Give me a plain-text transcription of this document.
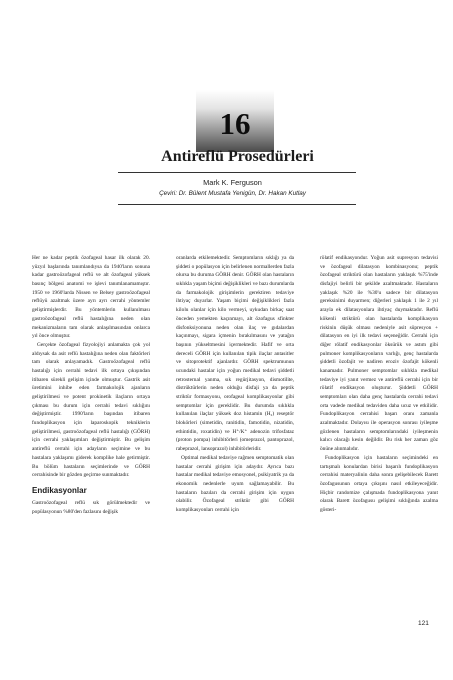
16
Antireflü Prosedürleri
Mark K. Ferguson
Çeviri: Dr. Bülent Mustafa Yenigün, Dr. Hakan Kutlay

Her ne kadar peptik özofageal hasar ilk olarak 20. yüzyıl başlarında tanımlandıysa da 1940'ların sonuna kadar gastroözofageal reflü ve alt özofageal yüksek basınç bölgesi anatomi ve işlevi tanımlanamamıştır. 1950 ve 1960'larda Nissen ve Belsey gastroözofageal reflüyü azaltmak üzere ayrı ayrı cerrahi yöntemler geliştirmişlerdir. Bu yöntemlerin kullanılması gastroözofageal reflü hastalığına neden olan mekanizmaların tam olarak anlaşılmasından onlarca yıl önce olmuştur.

Gerçekte özofageal fizyolojiyi anlamakta çok yol aldıysak da asit reflü hastalığına neden olan faktörleri tam olarak anlayamadık. Gastroözofageal reflü hastalığı için cerrahi tedavi ilk ortaya çıkışından itibaren sürekli gelişim içinde olmuştur. Gastrik asit üretimini inhibe eden farmakolojik ajanların geliştirilmesi ve potent prokinetik ilaçların ortaya çıkması bu durum için cerrahi tedavi sıklığını değiştirmiştir. 1990'ların başından itibaren fundoplikasyon için laparoskopik tekniklerin geliştirilmesi, gastroözofageal reflü hastalığı (GÖRH) için cerrahi yaklaşımları değiştirmiştir. Bu gelişim antireflü cerrahi için adayların seçimine ve bu hastalara yaklaşımı giderek komplike hale getirmiştir. Bu bölüm hastaların seçimlerinde ve GÖRH cerrahisinde bir gözden geçirme sunmaktadır.

Endikasyonlar

Gastroözofageal reflü sık görülmektedir ve popülasyonun %80'den fazlasını değişik

oranlarda etkilemektedir. Semptomların sıklığı ya da şiddeti o popülasyon için belirlenen normallerden fazla olursa bu duruma GÖRH denir. GÖRH olan hastaların sıklıkla yaşam biçimi değişiklikleri ve bazı durumlarda da farmakolojik girişimlerin gerektiren tedaviye ihtiyaç duyarlar. Yaşam biçimi değişiklikleri fazla kilolu olanlar için kilo vermeyi, uykudan birkaç saat önceden yemekten kaçınmayı, alt özofagus sfinkter disfonksiyonuna neden olan ilaç ve gıdalardan kaçınmayı, sigara içmenin bırakılmasını ve yatağın başının yükseltmesini içermektedir. Hafif ve orta dereceli GÖRH için kullanılan tipik ilaçlar antasitler ve sitoprotektif ajanlardır. GÖRH spektrumunun ucundaki hastalar için yoğun medikal tedavi şiddetli retrosternal yanma, sık regürjitasyon, dismotilite, distrüktürlerin neden olduğu disfaji ya da peptik striktür formasyonu, orofageal komplikasyonlar gibi semptomlar için gereklidir. Bu durumda sıklıkla kullanılan ilaçlar yüksek doz histamin (H₂) reseptör blokörleri (simetidin, ranitidin, famotidin, nizatidin, ethintidin, roxatidin) ve H⁺/K⁺ adenozin trifosfataz (proton pompa) inhibitörleri (omeprazol, pantoprazol, rabeprazol, lansoprazol) inhibitörleridir.

Optimal medikal tedaviye rağmen semptomatik olan hastalar cerrahi girişim için adaydır. Ayrıca bazı hastalar medikal tedaviye emosyonel, psikiyatrik ya da ekonomik nedenlerle uyum sağlamayabilir. Bu hastaların bazıları da cerrahi girişim için uygun olabilir. Özofageal striktür gibi GÖRH komplikasyonları cerrahi için

rölatif endikasyondur. Yoğun asit supresyon tedavisi ve özofageal dilatasyon kombinasyonu; peptik özofageal striktürü olan hastaların yaklaşık %75'inde disfajiyi belirli bir şekilde azaltmaktadır. Hastaların yaklaşık %20 ile %30'u sadece bir dilatasyon gereksinimi duyarmen; diğerleri yaklaşık 1 ile 2 yıl arayla ek dilatasyonlara ihtiyaç duymaktadır. Reflü kökenli striktürü olan hastalarda komplikasyon riskinin düşük olması nedeniyle asit süpresyon + dilatasyon en iyi ilk tedavi seçeneğidir. Cerrahi için diğer rölatif endikasyonlar öksürük ve astım gibi pulmoner komplikasyonların varlığı, genç hastalarda şiddetli özofajit ve nadiren eroziv özofajit kökenli kanamadır. Pulmoner semptomlar sıklıkla medikal tedaviye iyi yanıt vermez ve antireflü cerrahi için bir rölatif endikasyon oluşturur. Şiddetli GÖRH semptomları olan daha genç hastalarda cerrahi tedavi orta vadede medikal tedaviden daha ucuz ve etkilidir. Fundoplikasyon cerrahisi başarı oranı zamanla azalmaktadır. Dolayısı ile operasyon sonrası iyileşme gözlenen hastaların semptomlarındaki iyileşmenin kalıcı olacağı kesin değildir. Bu risk her zaman göz önüne alınmalıdır.

Fundoplikasyon için hastaların seçimindeki en tartışmalı konulardan birisi başarılı fundoplikasyon cerrahisi materyalinin daha sonra gelişebilecek Barett özofagusunun ortaya çıkışını nasıl etkileyeceğidir. Hiçbir randomize çalışmada fundoplikasyona yanıt olarak Barett özofagusu gelişimi sıklığında azalma gösteri-

121
